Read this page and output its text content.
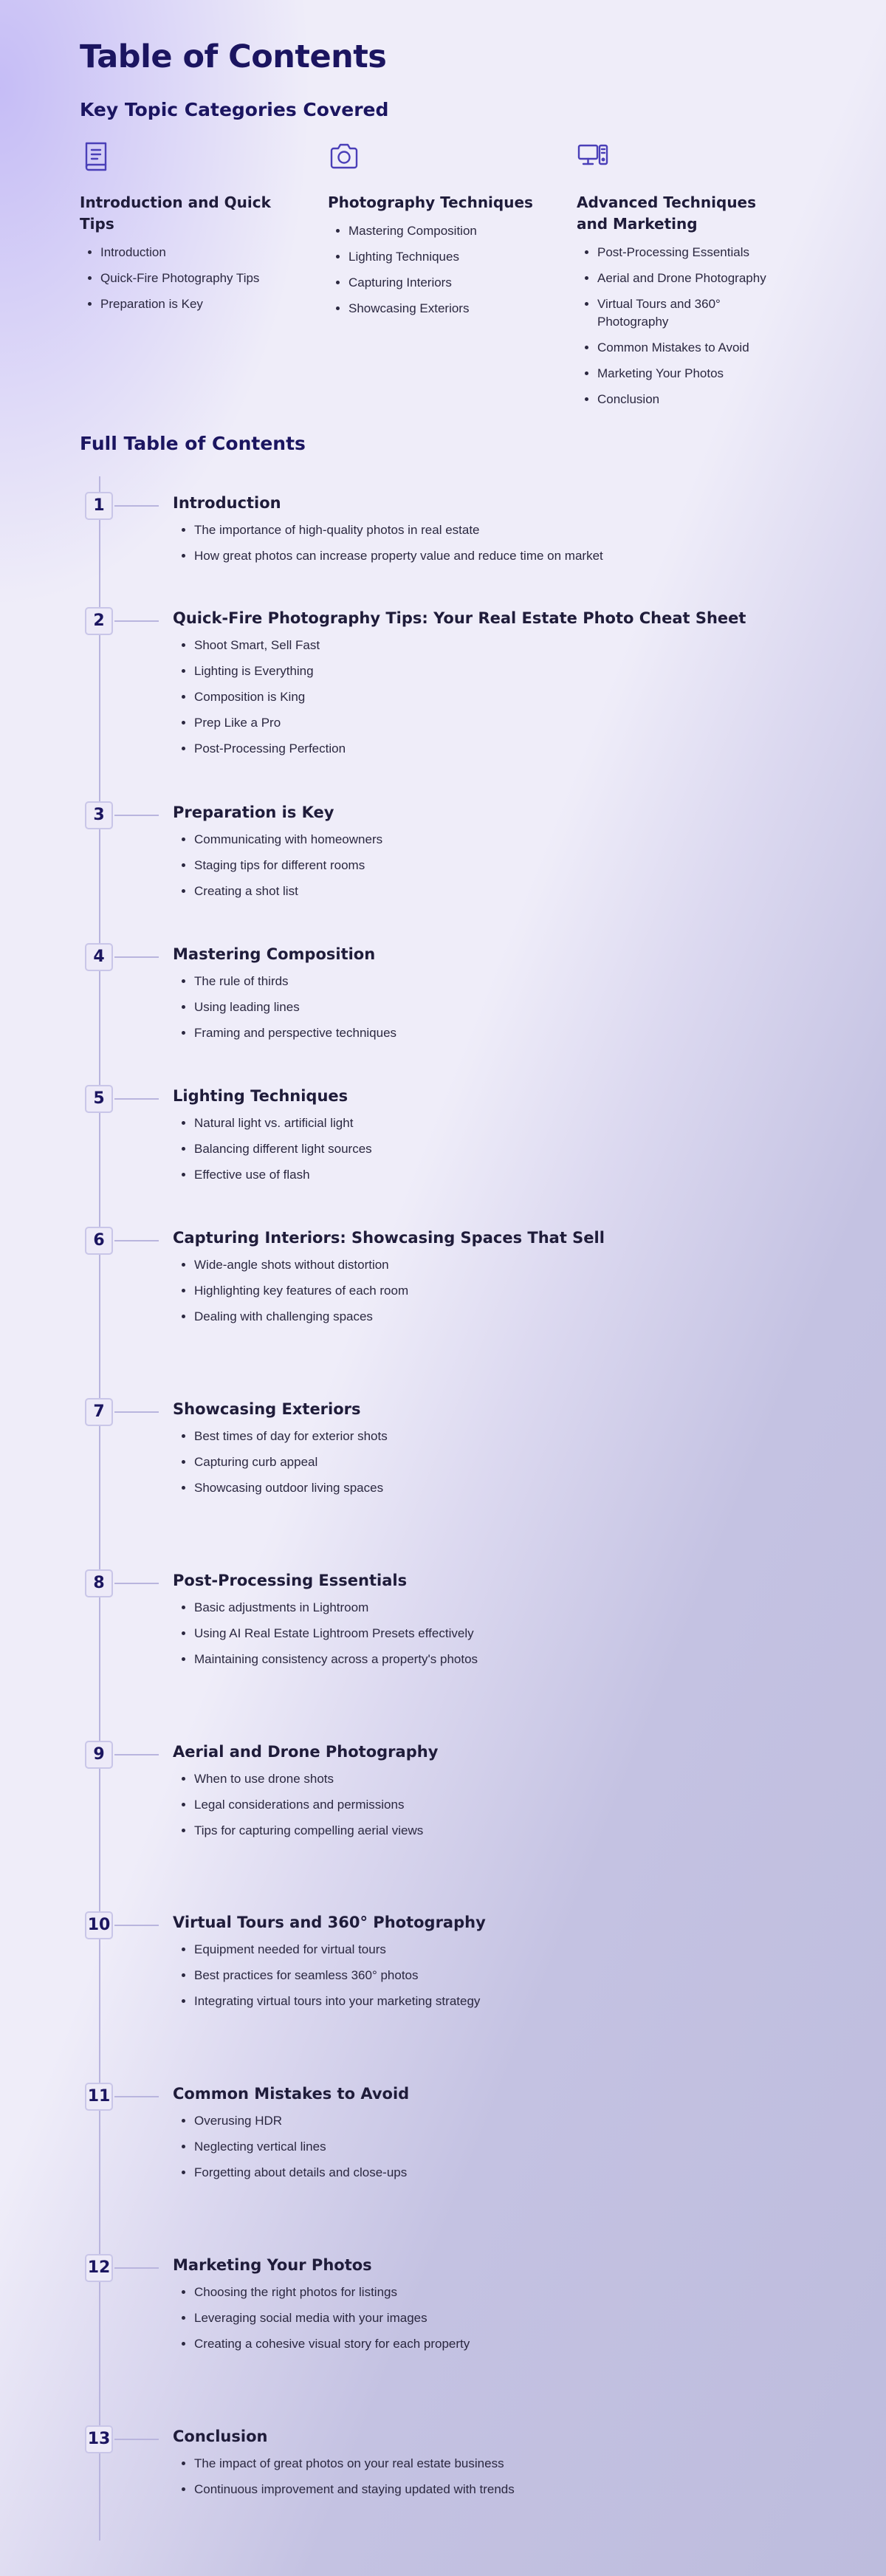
Table of Contents
Key Topic Categories Covered
Introduction and Quick Tips
• Introduction
• Quick-Fire Photography Tips
• Preparation is Key
Photography Techniques
• Mastering Composition
• Lighting Techniques
• Capturing Interiors
• Showcasing Exteriors
Advanced Techniques and Marketing
• Post-Processing Essentials
• Aerial and Drone Photography
• Virtual Tours and 360° Photography
• Common Mistakes to Avoid
• Marketing Your Photos
• Conclusion
Full Table of Contents
1	Introduction
• The importance of high-quality photos in real estate
• How great photos can increase property value and reduce time on market
2	Quick-Fire Photography Tips: Your Real Estate Photo Cheat Sheet
• Shoot Smart, Sell Fast
• Lighting is Everything
• Composition is King
• Prep Like a Pro
• Post-Processing Perfection
3	Preparation is Key
• Communicating with homeowners
• Staging tips for different rooms
• Creating a shot list
4	Mastering Composition
• The rule of thirds
• Using leading lines
• Framing and perspective techniques
5	Lighting Techniques
• Natural light vs. artificial light
• Balancing different light sources
• Effective use of flash
6	Capturing Interiors: Showcasing Spaces That Sell
• Wide-angle shots without distortion
• Highlighting key features of each room
• Dealing with challenging spaces
7	Showcasing Exteriors
• Best times of day for exterior shots
• Capturing curb appeal
• Showcasing outdoor living spaces
8	Post-Processing Essentials
• Basic adjustments in Lightroom
• Using AI Real Estate Lightroom Presets effectively
• Maintaining consistency across a property's photos
9	Aerial and Drone Photography
• When to use drone shots
• Legal considerations and permissions
• Tips for capturing compelling aerial views
10	Virtual Tours and 360° Photography
• Equipment needed for virtual tours
• Best practices for seamless 360° photos
• Integrating virtual tours into your marketing strategy
11	Common Mistakes to Avoid
• Overusing HDR
• Neglecting vertical lines
• Forgetting about details and close-ups
12	Marketing Your Photos
• Choosing the right photos for listings
• Leveraging social media with your images
• Creating a cohesive visual story for each property
13	Conclusion
• The impact of great photos on your real estate business
• Continuous improvement and staying updated with trends
